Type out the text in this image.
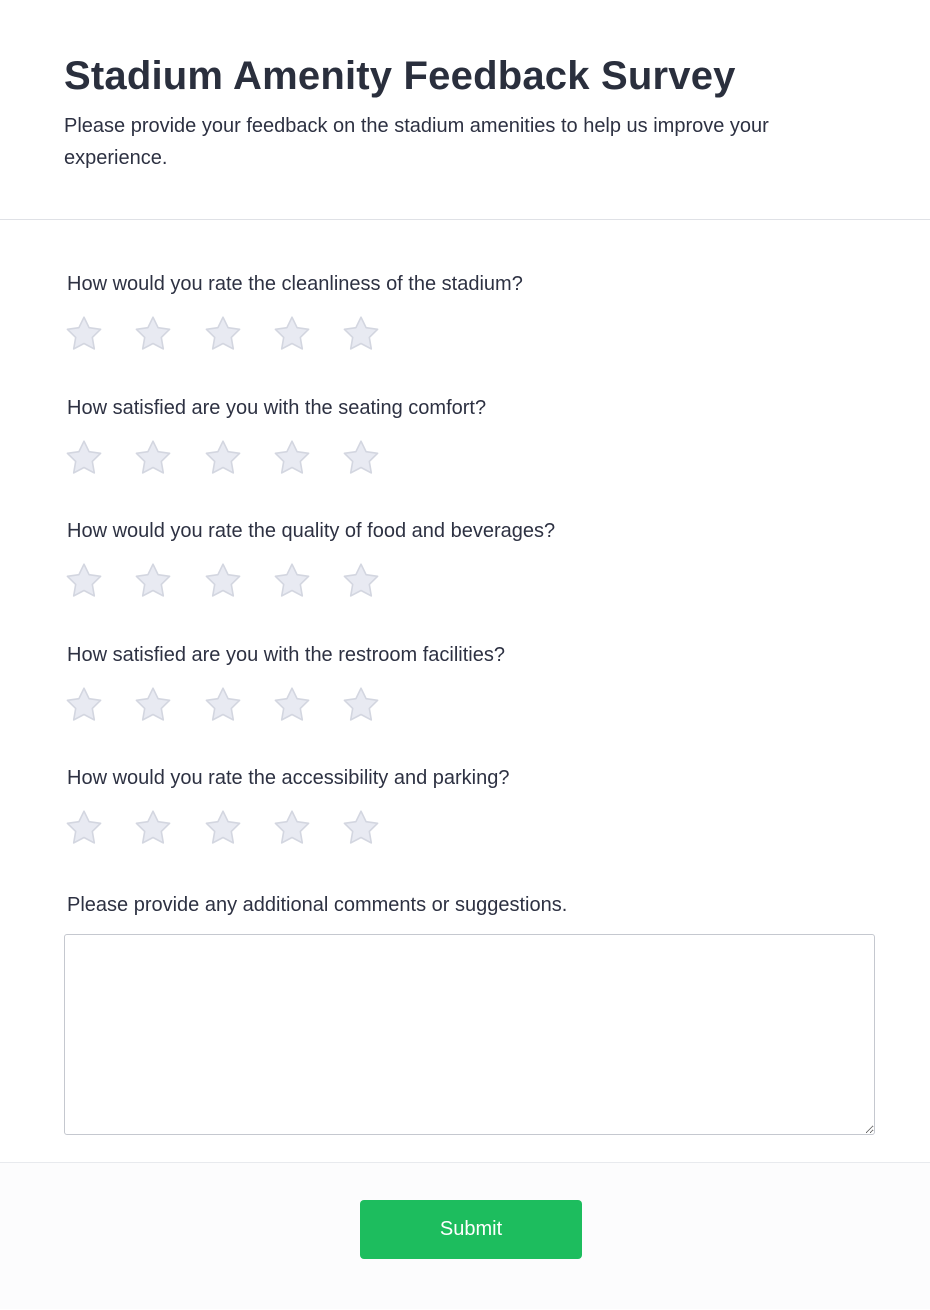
Stadium Amenity Feedback Survey

Please provide your feedback on the stadium amenities to help us improve your experience.

How would you rate the cleanliness of the stadium?
How satisfied are you with the seating comfort?
How would you rate the quality of food and beverages?
How satisfied are you with the restroom facilities?
How would you rate the accessibility and parking?
Please provide any additional comments or suggestions.
Submit
